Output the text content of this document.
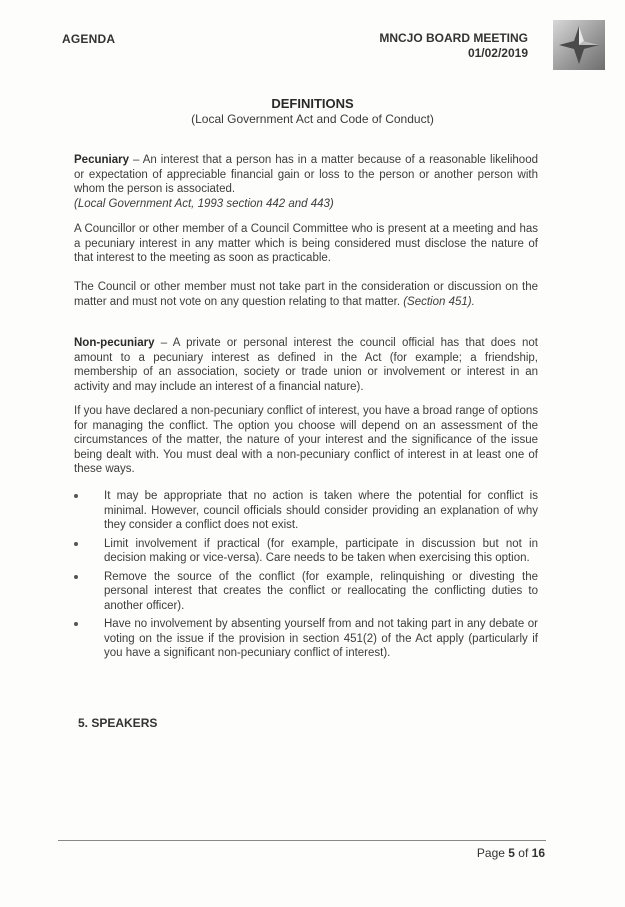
AGENDA	MNCJO BOARD MEETING
01/02/2019
DEFINITIONS
(Local Government Act and Code of Conduct)

Pecuniary – An interest that a person has in a matter because of a reasonable likelihood or expectation of appreciable financial gain or loss to the person or another person with whom the person is associated.
(Local Government Act, 1993 section 442 and 443)

A Councillor or other member of a Council Committee who is present at a meeting and has a pecuniary interest in any matter which is being considered must disclose the nature of that interest to the meeting as soon as practicable.

The Council or other member must not take part in the consideration or discussion on the matter and must not vote on any question relating to that matter. (Section 451).

Non-pecuniary – A private or personal interest the council official has that does not amount to a pecuniary interest as defined in the Act (for example; a friendship, membership of an association, society or trade union or involvement or interest in an activity and may include an interest of a financial nature).

If you have declared a non-pecuniary conflict of interest, you have a broad range of options for managing the conflict. The option you choose will depend on an assessment of the circumstances of the matter, the nature of your interest and the significance of the issue being dealt with. You must deal with a non-pecuniary conflict of interest in at least one of these ways.

It may be appropriate that no action is taken where the potential for conflict is minimal. However, council officials should consider providing an explanation of why they consider a conflict does not exist.
Limit involvement if practical (for example, participate in discussion but not in decision making or vice-versa). Care needs to be taken when exercising this option.
Remove the source of the conflict (for example, relinquishing or divesting the personal interest that creates the conflict or reallocating the conflicting duties to another officer).
Have no involvement by absenting yourself from and not taking part in any debate or voting on the issue if the provision in section 451(2) of the Act apply (particularly if you have a significant non-pecuniary conflict of interest).
5. SPEAKERS
Page 5 of 16
